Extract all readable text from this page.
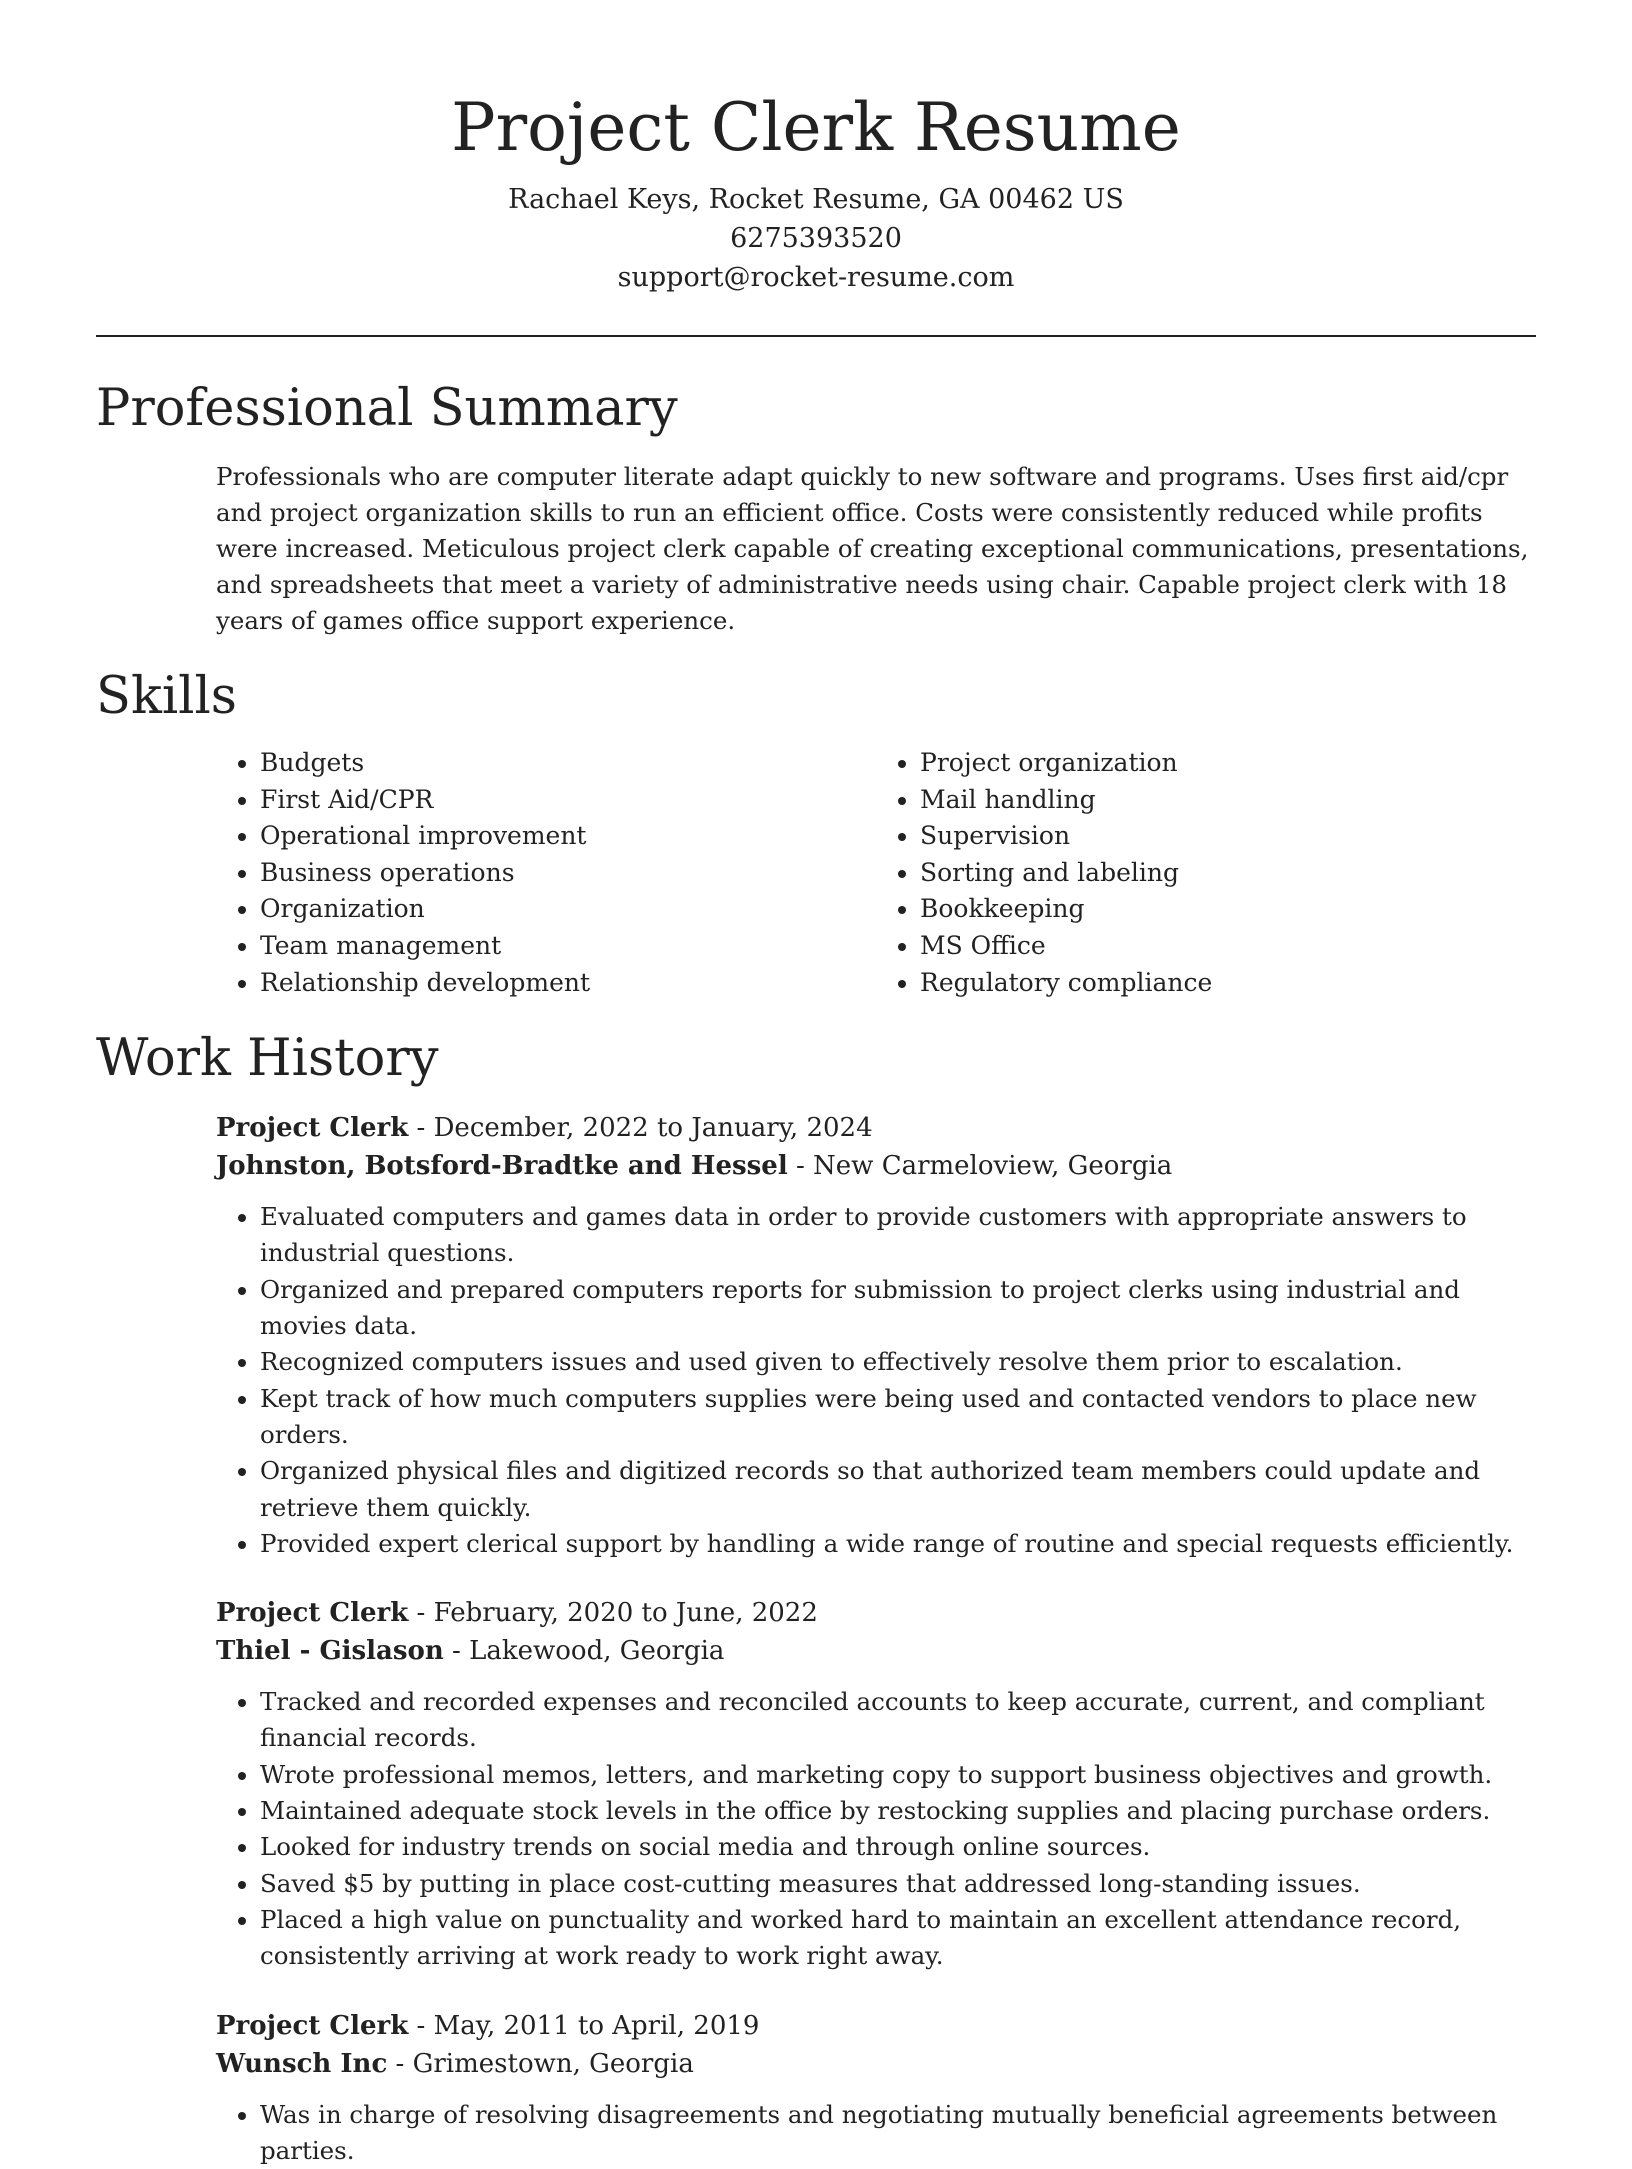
Project Clerk Resume

Rachael Keys, Rocket Resume, GA 00462 US

6275393520

support@rocket-resume.com

Professional Summary

Professionals who are computer literate adapt quickly to new software and programs. Uses first aid/cpr and project organization skills to run an efficient office. Costs were consistently reduced while profits were increased. Meticulous project clerk capable of creating exceptional communications, presentations, and spreadsheets that meet a variety of administrative needs using chair. Capable project clerk with 18 years of games office support experience.

Skills
• Budgets
• First Aid/CPR
• Operational improvement
• Business operations
• Organization
• Team management
• Relationship development
• Project organization
• Mail handling
• Supervision
• Sorting and labeling
• Bookkeeping
• MS Office
• Regulatory compliance
Work History

Project Clerk - December, 2022 to January, 2024

Johnston, Botsford-Bradtke and Hessel - New Carmeloview, Georgia

• Evaluated computers and games data in order to provide customers with appropriate answers to industrial questions.
• Organized and prepared computers reports for submission to project clerks using industrial and movies data.
• Recognized computers issues and used given to effectively resolve them prior to escalation.
• Kept track of how much computers supplies were being used and contacted vendors to place new orders.
• Organized physical files and digitized records so that authorized team members could update and retrieve them quickly.
• Provided expert clerical support by handling a wide range of routine and special requests efficiently.

Project Clerk - February, 2020 to June, 2022

Thiel - Gislason - Lakewood, Georgia

• Tracked and recorded expenses and reconciled accounts to keep accurate, current, and compliant financial records.
• Wrote professional memos, letters, and marketing copy to support business objectives and growth.
• Maintained adequate stock levels in the office by restocking supplies and placing purchase orders.
• Looked for industry trends on social media and through online sources.
• Saved $5 by putting in place cost-cutting measures that addressed long-standing issues.
• Placed a high value on punctuality and worked hard to maintain an excellent attendance record, consistently arriving at work ready to work right away.

Project Clerk - May, 2011 to April, 2019

Wunsch Inc - Grimestown, Georgia

• Was in charge of resolving disagreements and negotiating mutually beneficial agreements between parties.
